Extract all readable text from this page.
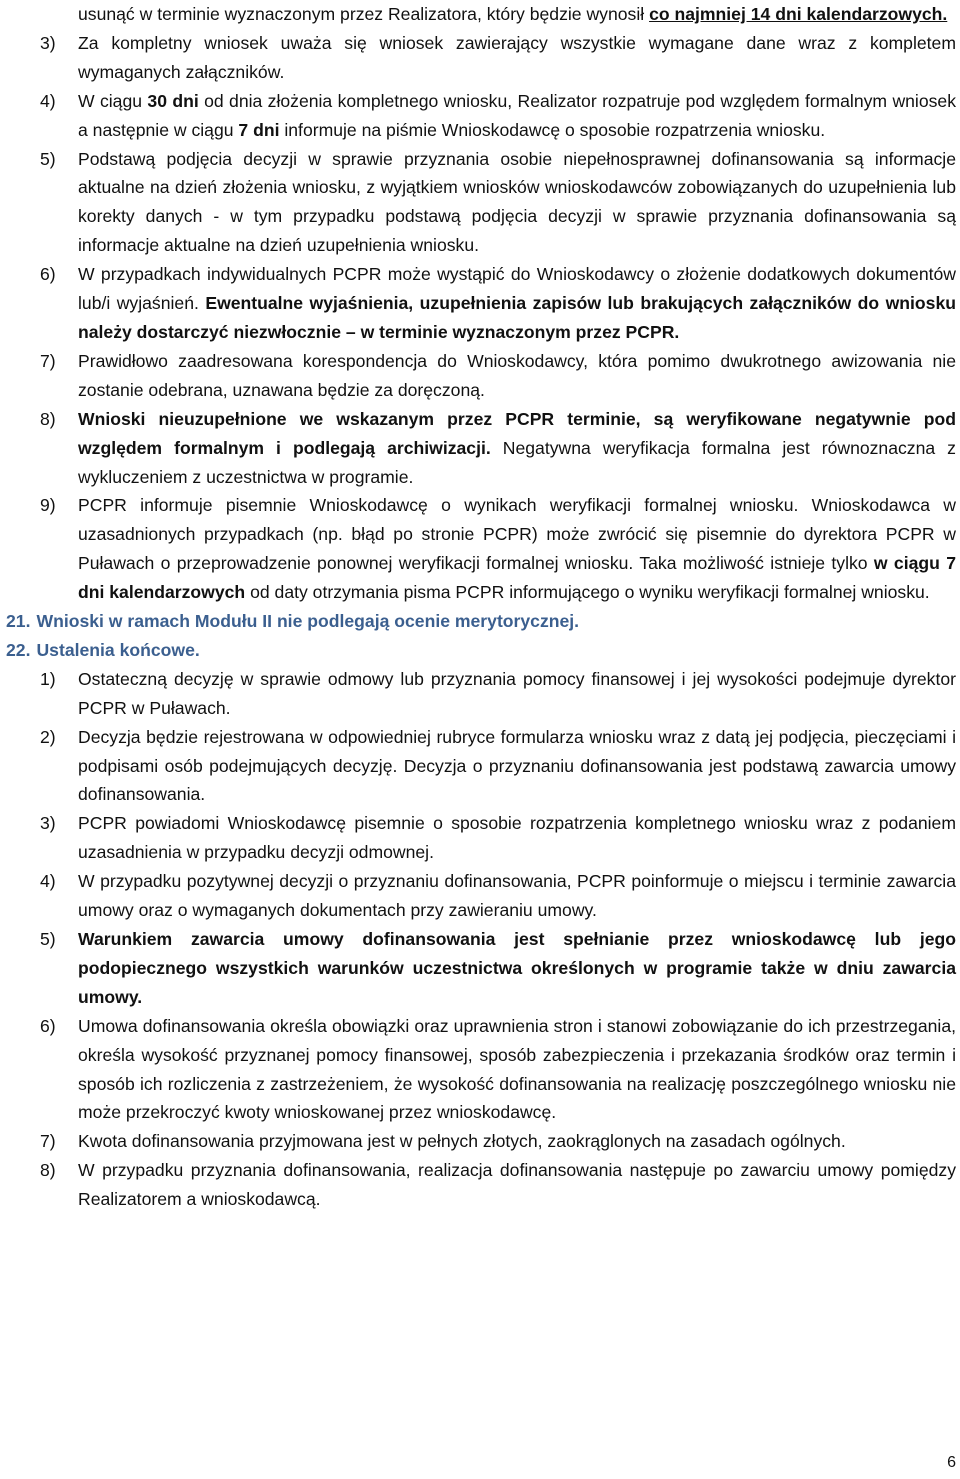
usunąć w terminie wyznaczonym przez Realizatora, który będzie wynosił co najmniej 14 dni kalendarzowych.
3) Za kompletny wniosek uważa się wniosek zawierający wszystkie wymagane dane wraz z kompletem wymaganych załączników.
4) W ciągu 30 dni od dnia złożenia kompletnego wniosku, Realizator rozpatruje pod względem formalnym wniosek a następnie w ciągu 7 dni informuje na piśmie Wnioskodawcę o sposobie rozpatrzenia wniosku.
5) Podstawą podjęcia decyzji w sprawie przyznania osobie niepełnosprawnej dofinansowania są informacje aktualne na dzień złożenia wniosku, z wyjątkiem wniosków wnioskodawców zobowiązanych do uzupełnienia lub korekty danych - w tym przypadku podstawą podjęcia decyzji w sprawie przyznania dofinansowania są informacje aktualne na dzień uzupełnienia wniosku.
6) W przypadkach indywidualnych PCPR może wystąpić do Wnioskodawcy o złożenie dodatkowych dokumentów lub/i wyjaśnień. Ewentualne wyjaśnienia, uzupełnienia zapisów lub brakujących załączników do wniosku należy dostarczyć niezwłocznie – w terminie wyznaczonym przez PCPR.
7) Prawidłowo zaadresowana korespondencja do Wnioskodawcy, która pomimo dwukrotnego awizowania nie zostanie odebrana, uznawana będzie za doręczoną.
8) Wnioski nieuzupełnione we wskazanym przez PCPR terminie, są weryfikowane negatywnie pod względem formalnym i podlegają archiwizacji. Negatywna weryfikacja formalna jest równoznaczna z wykluczeniem z uczestnictwa w programie.
9) PCPR informuje pisemnie Wnioskodawcę o wynikach weryfikacji formalnej wniosku. Wnioskodawca w uzasadnionych przypadkach (np. błąd po stronie PCPR) może zwrócić się pisemnie do dyrektora PCPR w Puławach o przeprowadzenie ponownej weryfikacji formalnej wniosku. Taka możliwość istnieje tylko w ciągu 7 dni kalendarzowych od daty otrzymania pisma PCPR informującego o wyniku weryfikacji formalnej wniosku.
21. Wnioski w ramach Modułu II nie podlegają ocenie merytorycznej.
22. Ustalenia końcowe.
1) Ostateczną decyzję w sprawie odmowy lub przyznania pomocy finansowej i jej wysokości podejmuje dyrektor PCPR w Puławach.
2) Decyzja będzie rejestrowana w odpowiedniej rubryce formularza wniosku wraz z datą jej podjęcia, pieczęciami i podpisami osób podejmujących decyzję. Decyzja o przyznaniu dofinansowania jest podstawą zawarcia umowy dofinansowania.
3) PCPR powiadomi Wnioskodawcę pisemnie o sposobie rozpatrzenia kompletnego wniosku wraz z podaniem uzasadnienia w przypadku decyzji odmownej.
4) W przypadku pozytywnej decyzji o przyznaniu dofinansowania, PCPR poinformuje o miejscu i terminie zawarcia umowy oraz o wymaganych dokumentach przy zawieraniu umowy.
5) Warunkiem zawarcia umowy dofinansowania jest spełnianie przez wnioskodawcę lub jego podopiecznego wszystkich warunków uczestnictwa określonych w programie także w dniu zawarcia umowy.
6) Umowa dofinansowania określa obowiązki oraz uprawnienia stron i stanowi zobowiązanie do ich przestrzegania, określa wysokość przyznanej pomocy finansowej, sposób zabezpieczenia i przekazania środków oraz termin i sposób ich rozliczenia z zastrzeżeniem, że wysokość dofinansowania na realizację poszczególnego wniosku nie może przekroczyć kwoty wnioskowanej przez wnioskodawcę.
7) Kwota dofinansowania przyjmowana jest w pełnych złotych, zaokrąglonych na zasadach ogólnych.
8) W przypadku przyznania dofinansowania, realizacja dofinansowania następuje po zawarciu umowy pomiędzy Realizatorem a wnioskodawcą.
6
